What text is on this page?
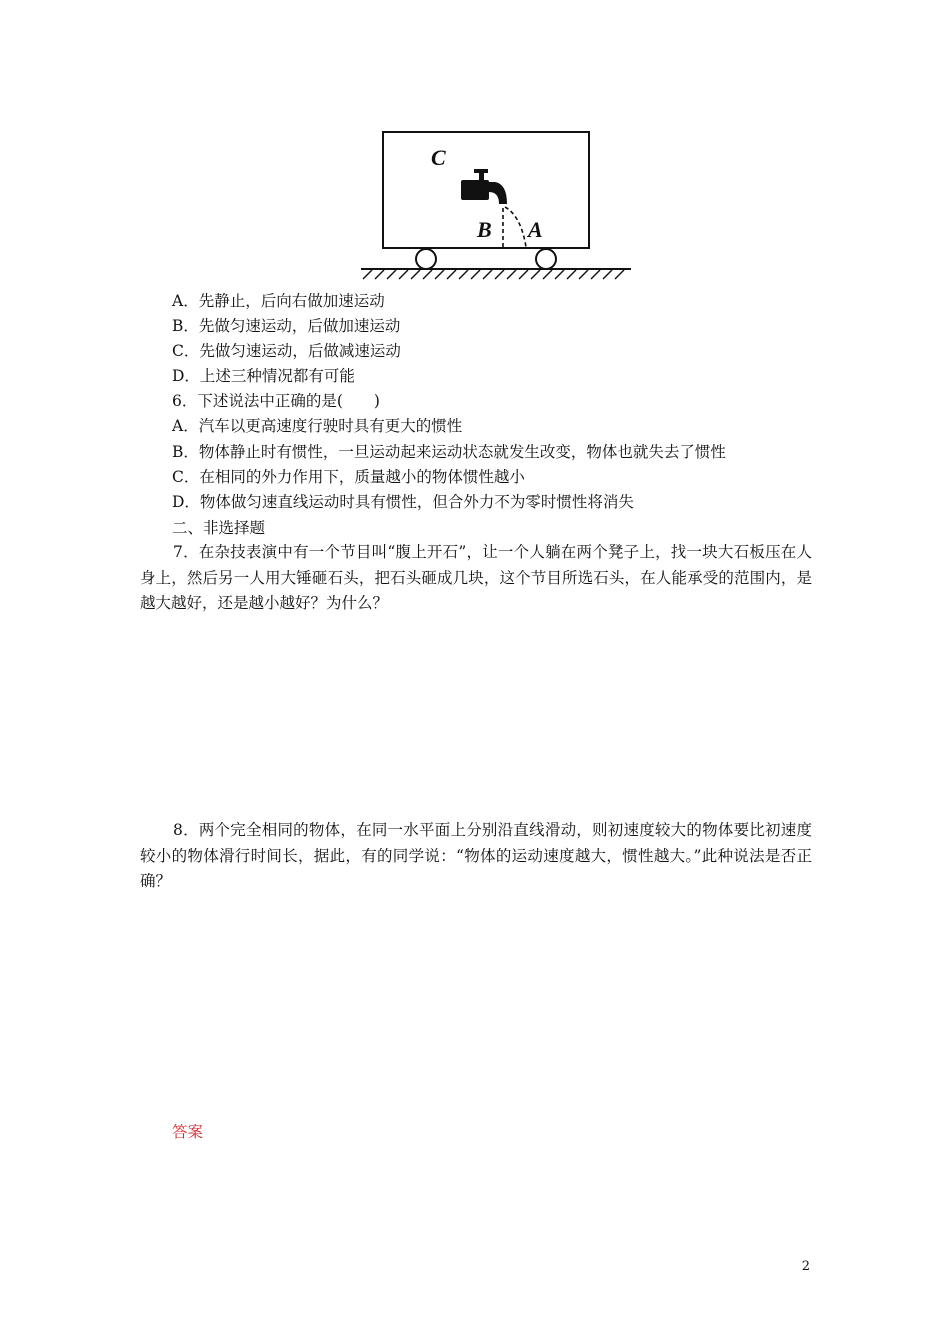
C
B A
A．先静止，后向右做加速运动
B．先做匀速运动，后做加速运动
C．先做匀速运动，后做减速运动
D．上述三种情况都有可能
6．下述说法中正确的是(　　)
A．汽车以更高速度行驶时具有更大的惯性
B．物体静止时有惯性，一旦运动起来运动状态就发生改变，物体也就失去了惯性
C．在相同的外力作用下，质量越小的物体惯性越小
D．物体做匀速直线运动时具有惯性，但合外力不为零时惯性将消失
二、非选择题
7．在杂技表演中有一个节目叫“腹上开石”，让一个人躺在两个凳子上，找一块大石板压在人身上，然后另一人用大锤砸石头，把石头砸成几块，这个节目所选石头，在人能承受的范围内，是越大越好，还是越小越好？为什么？
8．两个完全相同的物体，在同一水平面上分别沿直线滑动，则初速度较大的物体要比初速度较小的物体滑行时间长，据此，有的同学说：“物体的运动速度越大，惯性越大。”此种说法是否正确？
答案
2
